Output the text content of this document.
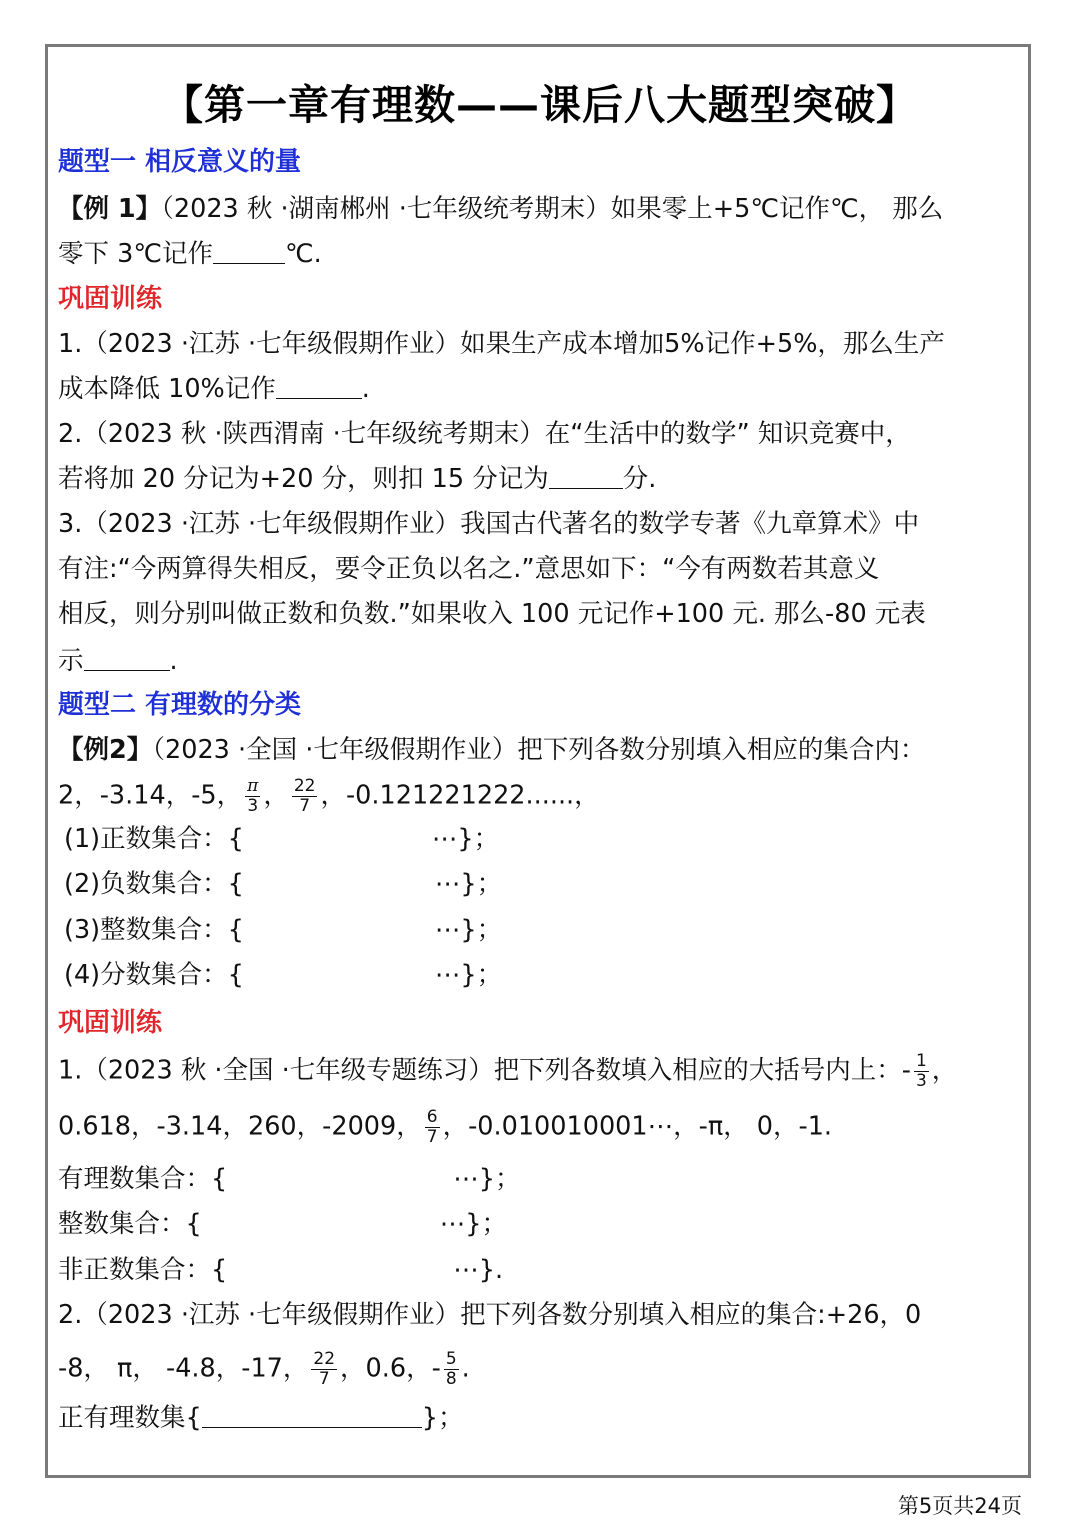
【第一章有理数——课后八大题型突破】
题型一 相反意义的量
【例 1】（2023 秋 ·湖南郴州 ·七年级统考期末）如果零上+5℃记作℃， 那么
零下 3℃记作	℃.
巩固训练
1.（2023 ·江苏 ·七年级假期作业）如果生产成本增加5%记作+5%，那么生产
成本降低 10%记作	.
2.（2023 秋 ·陕西渭南 ·七年级统考期末）在“生活中的数学” 知识竞赛中，
若将加 20 分记为+20 分，则扣 15 分记为	分.
3.（2023 ·江苏 ·七年级假期作业）我国古代著名的数学专著《九章算术》中
有注:“今两算得失相反，要令正负以名之.”意思如下：“今有两数若其意义
相反，则分别叫做正数和负数.”如果收入 100 元记作+100 元. 那么-80 元表
示	.
题型二 有理数的分类
【例2】（2023 ·全国 ·七年级假期作业）把下列各数分别填入相应的集合内：
2，-3.14，-5， $\frac{\pi}{3}$ ， $\frac{22}{7}$ ，-0.121221222......，
(1)正数集合：{	⋯}；
(2)负数集合：{	⋯}；
(3)整数集合：{	⋯}；
(4)分数集合：{	⋯}；
巩固训练
1.（2023 秋 ·全国 ·七年级专题练习）把下列各数填入相应的大括号内上：- $\frac{1}{3}$ ，
0.618，-3.14，260，-2009， $\frac{6}{7}$ ，-0.010010001⋯，-π， 0，-1.
有理数集合：{	⋯}；
整数集合：{	⋯}；
非正数集合：{	⋯}.
2.（2023 ·江苏 ·七年级假期作业）把下列各数分别填入相应的集合:+26，0
-8， π， -4.8，-17， $\frac{22}{7}$ ，0.6，- $\frac{5}{8}$ .
正有理数集{	}；
第5页共24页
